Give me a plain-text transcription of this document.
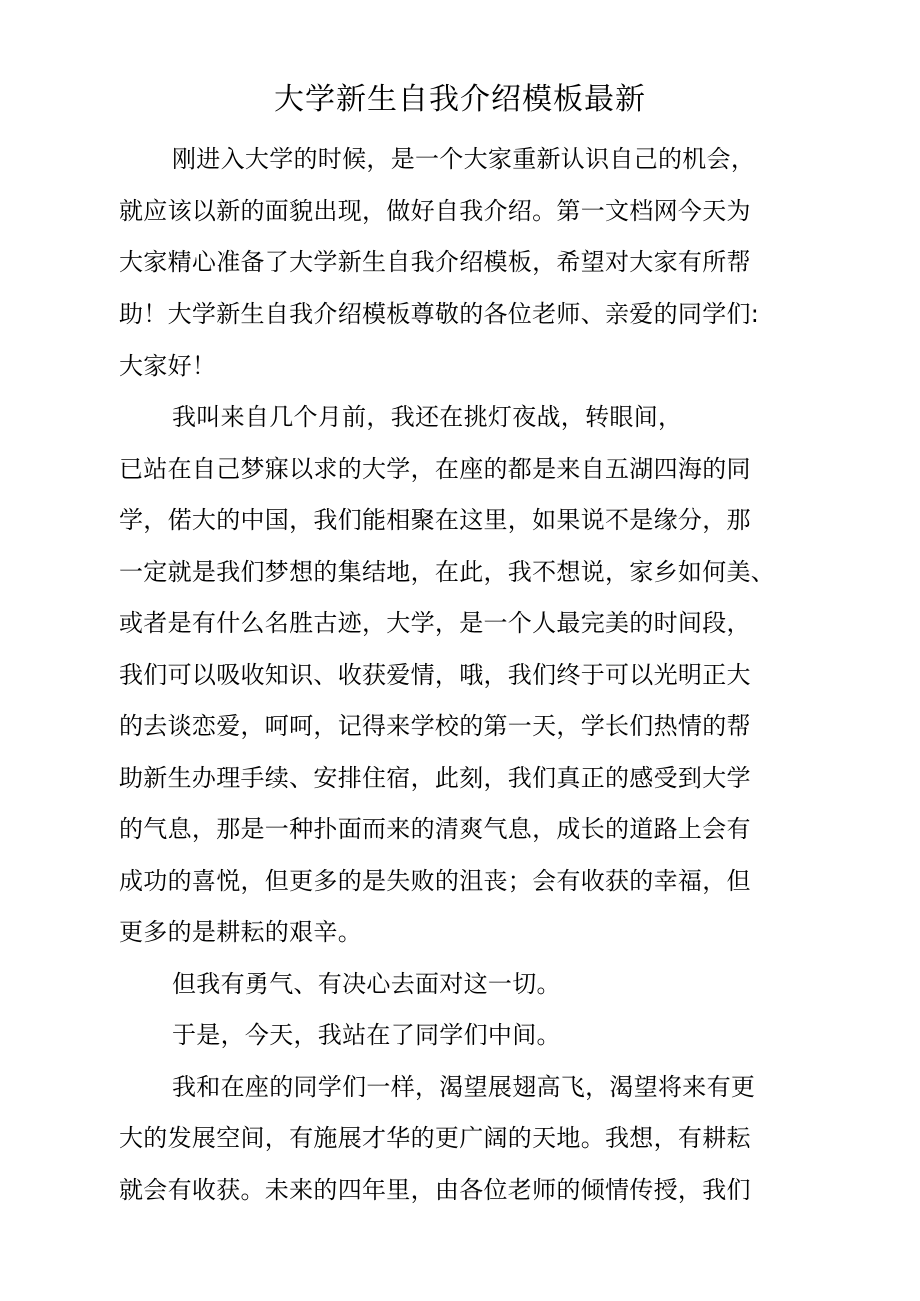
大学新生自我介绍模板最新
刚进入大学的时候，是一个大家重新认识自己的机会，
就应该以新的面貌出现，做好自我介绍。第一文档网今天为
大家精心准备了大学新生自我介绍模板，希望对大家有所帮
助！大学新生自我介绍模板尊敬的各位老师、亲爱的同学们:
大家好！
我叫来自几个月前，我还在挑灯夜战，转眼间，
已站在自己梦寐以求的大学，在座的都是来自五湖四海的同
学，偌大的中国，我们能相聚在这里，如果说不是缘分，那
一定就是我们梦想的集结地，在此，我不想说，家乡如何美、
或者是有什么名胜古迹，大学，是一个人最完美的时间段，
我们可以吸收知识、收获爱情，哦，我们终于可以光明正大
的去谈恋爱，呵呵，记得来学校的第一天，学长们热情的帮
助新生办理手续、安排住宿，此刻，我们真正的感受到大学
的气息，那是一种扑面而来的清爽气息，成长的道路上会有
成功的喜悦，但更多的是失败的沮丧；会有收获的幸福，但
更多的是耕耘的艰辛。
但我有勇气、有决心去面对这一切。
于是，今天，我站在了同学们中间。
我和在座的同学们一样，渴望展翅高飞，渴望将来有更
大的发展空间，有施展才华的更广阔的天地。我想，有耕耘
就会有收获。未来的四年里，由各位老师的倾情传授，我们
